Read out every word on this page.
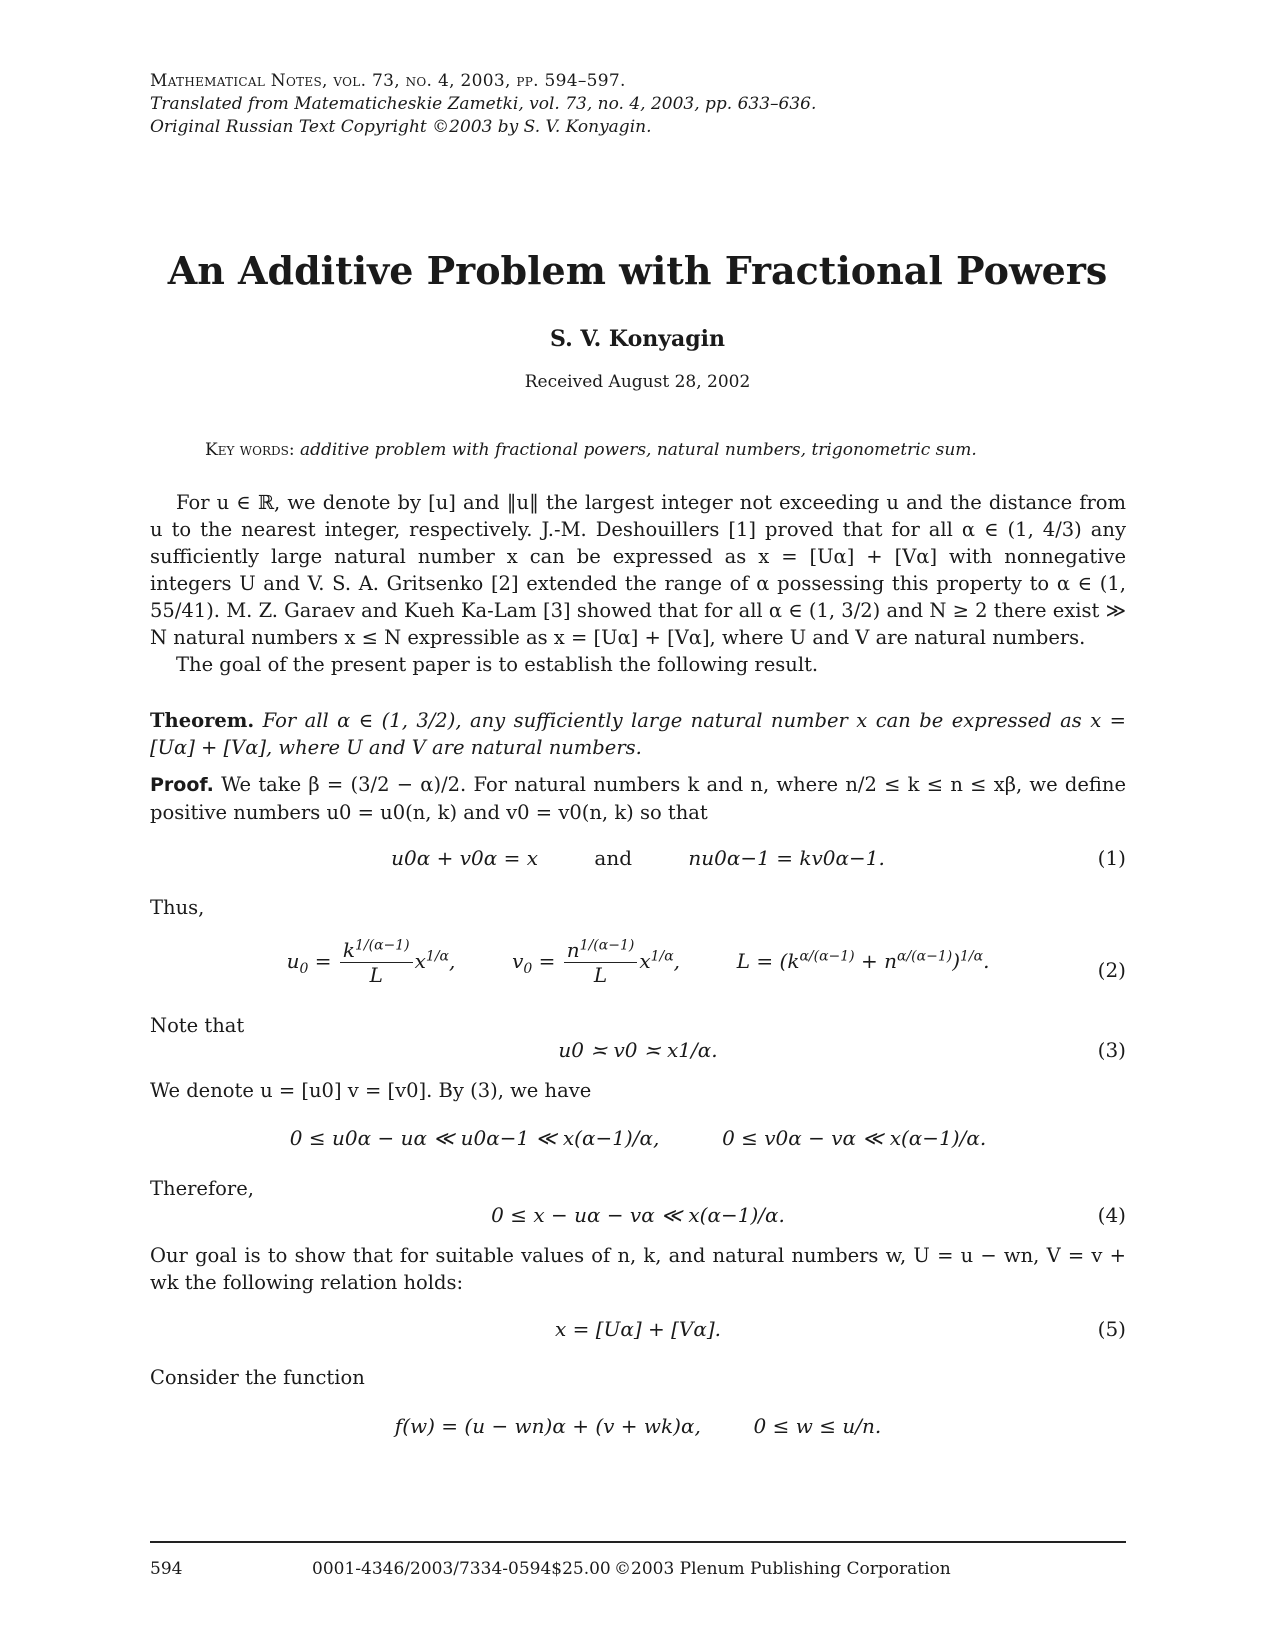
Mathematical Notes, vol. 73, no. 4, 2003, pp. 594–597.
Translated from Matematicheskie Zametki, vol. 73, no. 4, 2003, pp. 633–636.
Original Russian Text Copyright ©2003 by S. V. Konyagin.
An Additive Problem with Fractional Powers
S. V. Konyagin
Received August 28, 2002
Key words: additive problem with fractional powers, natural numbers, trigonometric sum.

For u ∈ ℝ, we denote by [u] and ‖u‖ the largest integer not exceeding u and the distance from u to the nearest integer, respectively. J.-M. Deshouillers [1] proved that for all α ∈ (1, 4/3) any sufficiently large natural number x can be expressed as x = [Uα] + [Vα] with nonnegative integers U and V. S. A. Gritsenko [2] extended the range of α possessing this property to α ∈ (1, 55/41). M. Z. Garaev and Kueh Ka-Lam [3] showed that for all α ∈ (1, 3/2) and N ≥ 2 there exist ≫ N natural numbers x ≤ N expressible as x = [Uα] + [Vα], where U and V are natural numbers.

The goal of the present paper is to establish the following result.

Theorem. For all α ∈ (1, 3/2), any sufficiently large natural number x can be expressed as x = [Uα] + [Vα], where U and V are natural numbers.

Proof. We take β = (3/2 − α)/2. For natural numbers k and n, where n/2 ≤ k ≤ n ≤ xβ, we define positive numbers u0 = u0(n, k) and v0 = v0(n, k) so that

u0α + v0α = x	and	nu0α−1 = kv0α−1.	(1)
Thus,
$u_0 = \frac{k^{1/(\alpha-1)}}{L} x^{1/\alpha}$,	$v_0 = \frac{n^{1/(\alpha-1)}}{L} x^{1/\alpha}$,	$L = (k^{\alpha/(\alpha-1)} + n^{\alpha/(\alpha-1)})^{1/\alpha}$.	(2)
Note that
u0 ≍ v0 ≍ x1/α.	(3)
We denote u = [u0] v = [v0]. By (3), we have
0 ≤ u0α − uα ≪ u0α−1 ≪ x(α−1)/α,	0 ≤ v0α − vα ≪ x(α−1)/α.
Therefore,
0 ≤ x − uα − vα ≪ x(α−1)/α.	(4)

Our goal is to show that for suitable values of n, k, and natural numbers w, U = u − wn, V = v + wk the following relation holds:

x = [Uα] + [Vα].	(5)
Consider the function
f(w) = (u − wn)α + (v + wk)α,	0 ≤ w ≤ u/n.
594	0001-4346/2003/7334-0594$25.00 ©2003 Plenum Publishing Corporation
